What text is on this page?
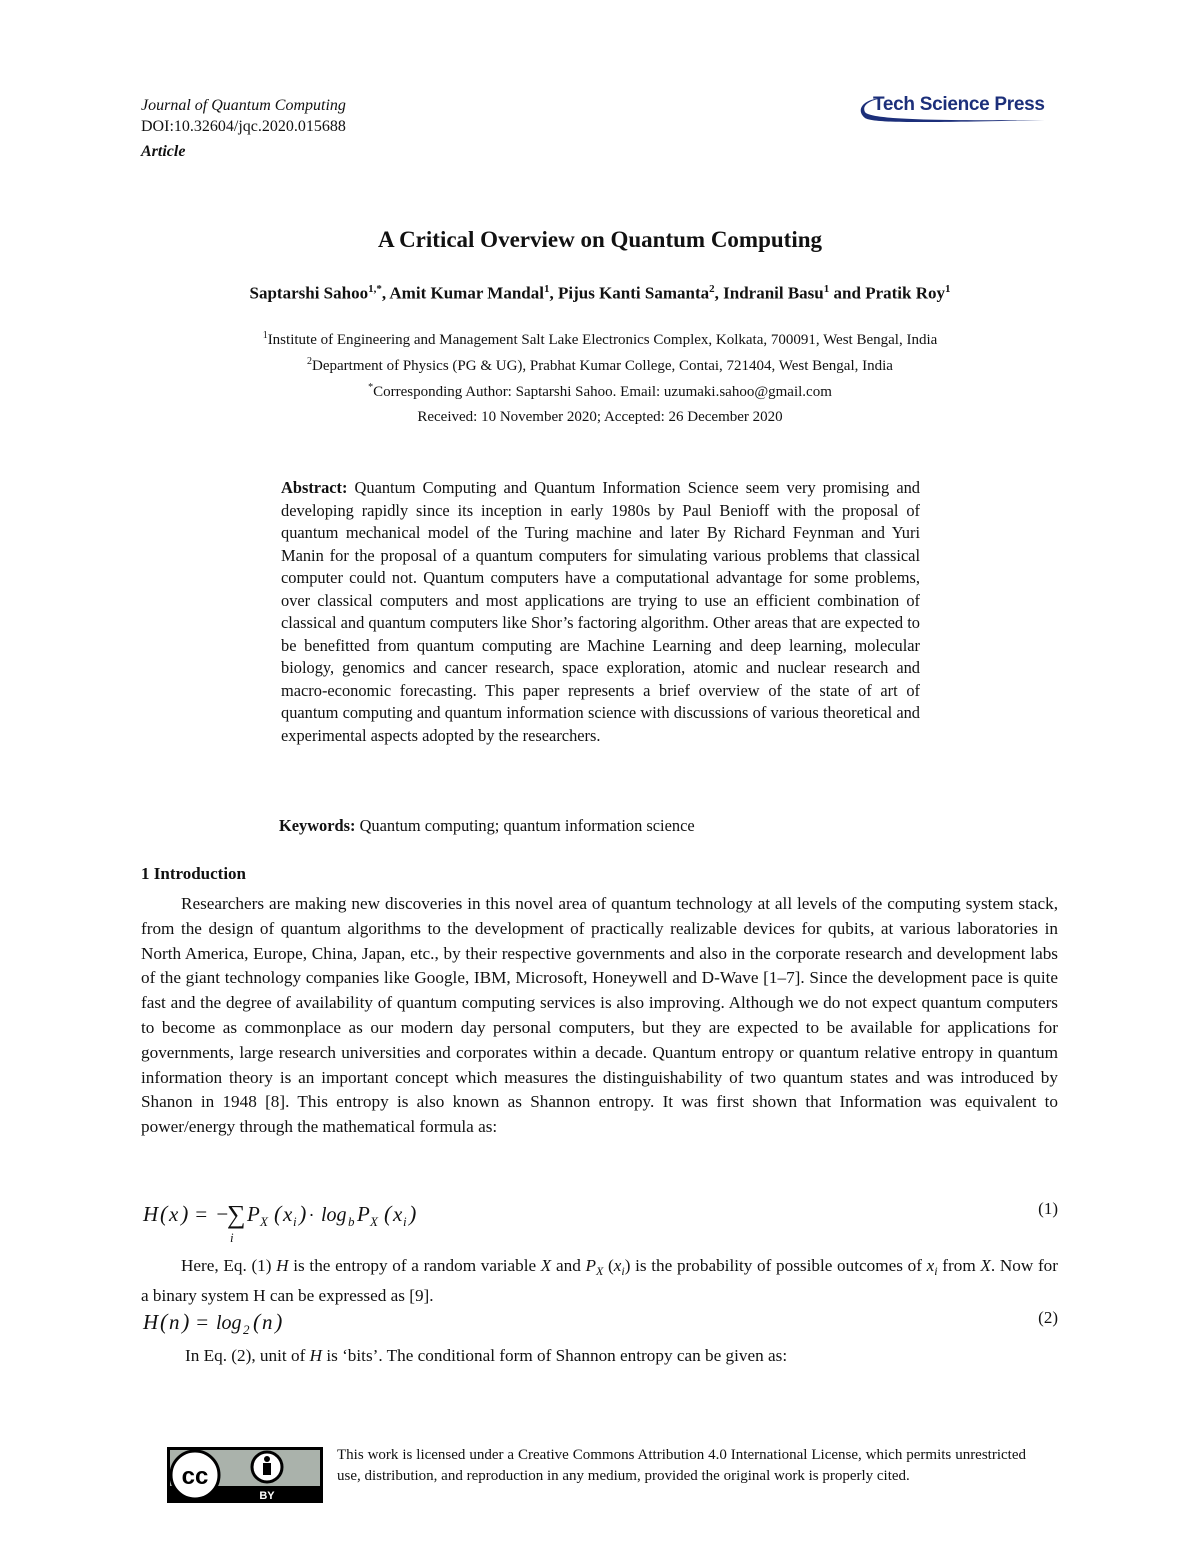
Journal of Quantum Computing
DOI:10.32604/jqc.2020.015688
Article
Tech Science Press
A Critical Overview on Quantum Computing
Saptarshi Sahoo$^{1,*}$, Amit Kumar Mandal$^1$, Pijus Kanti Samanta$^2$, Indranil Basu$^1$ and Pratik Roy$^1$
$^1$Institute of Engineering and Management Salt Lake Electronics Complex, Kolkata, 700091, West Bengal, India
$^2$Department of Physics (PG & UG), Prabhat Kumar College, Contai, 721404, West Bengal, India
*Corresponding Author: Saptarshi Sahoo. Email: uzumaki.sahoo@gmail.com
Received: 10 November 2020; Accepted: 26 December 2020
Abstract: Quantum Computing and Quantum Information Science seem very promising and developing rapidly since its inception in early 1980s by Paul Benioff with the proposal of quantum mechanical model of the Turing machine and later By Richard Feynman and Yuri Manin for the proposal of a quantum computers for simulating various problems that classical computer could not. Quantum computers have a computational advantage for some problems, over classical computers and most applications are trying to use an efficient combination of classical and quantum computers like Shor’s factoring algorithm. Other areas that are expected to be benefitted from quantum computing are Machine Learning and deep learning, molecular biology, genomics and cancer research, space exploration, atomic and nuclear research and macro-economic forecasting. This paper represents a brief overview of the state of art of quantum computing and quantum information science with discussions of various theoretical and experimental aspects adopted by the researchers.
Keywords: Quantum computing; quantum information science
1 Introduction
Researchers are making new discoveries in this novel area of quantum technology at all levels of the computing system stack, from the design of quantum algorithms to the development of practically realizable devices for qubits, at various laboratories in North America, Europe, China, Japan, etc., by their respective governments and also in the corporate research and development labs of the giant technology companies like Google, IBM, Microsoft, Honeywell and D-Wave [1–7]. Since the development pace is quite fast and the degree of availability of quantum computing services is also improving. Although we do not expect quantum computers to become as commonplace as our modern day personal computers, but they are expected to be available for applications for governments, large research universities and corporates within a decade. Quantum entropy or quantum relative entropy in quantum information theory is an important concept which measures the distinguishability of two quantum states and was introduced by Shanon in 1948 [8]. This entropy is also known as Shannon entropy. It was first shown that Information was equivalent to power/energy through the mathematical formula as:
H ( x ) = −
∑
i
P X ( x i ) · log b P X ( x i )	(1)
Here, Eq. (1) H is the entropy of a random variable X and $P_X$ $(x_i)$ is the probability of possible outcomes of $x_i$ from X. Now for a binary system H can be expressed as [9].
H ( n ) = log 2 ( n )	(2)
In Eq. (2), unit of H is ‘bits’. The conditional form of Shannon entropy can be given as:
cc
BY
This work is licensed under a Creative Commons Attribution 4.0 International License, which permits unrestricted use, distribution, and reproduction in any medium, provided the original work is properly cited.
